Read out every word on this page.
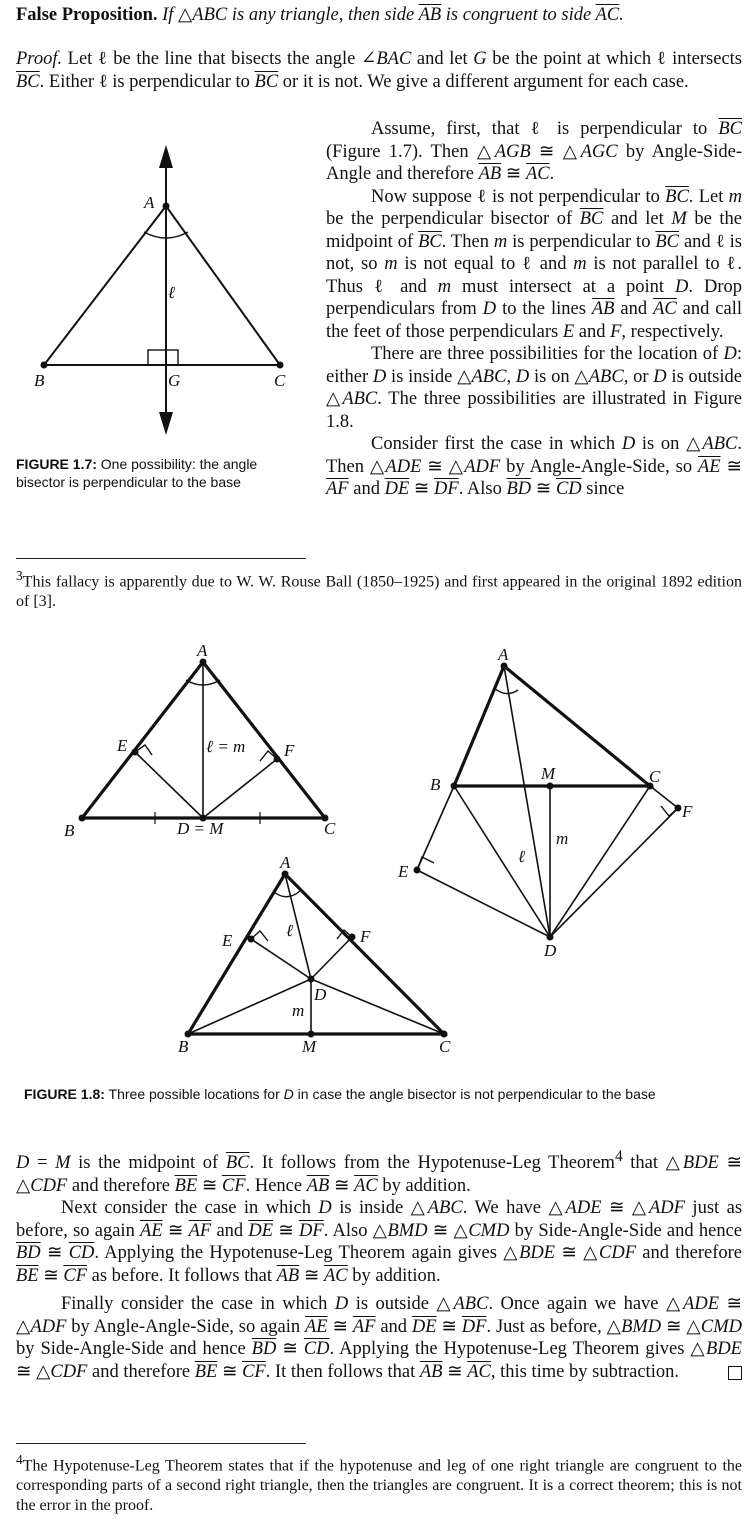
False Proposition. If △ABC is any triangle, then side $\overline{AB}$ is congruent to side $\overline{AC}$.
Proof. Let ℓ be the line that bisects the angle ∠BAC and let G be the point at which ℓ intersects $\overline{BC}$. Either ℓ is perpendicular to $\overline{BC}$ or it is not. We give a different argument for each case.
A
B	C
G
ℓ
FIGURE 1.7: One possibility: the angle bisector is perpendicular to the base
Assume, first, that ℓ is perpendicular to $\overline{BC}$ (Figure 1.7). Then △AGB ≅ △AGC by Angle-Side-Angle and therefore $\overline{AB}$ ≅ $\overline{AC}$.
Now suppose ℓ is not perpendicular to $\overline{BC}$. Let m be the perpendicular bisector of $\overline{BC}$ and let M be the midpoint of $\overline{BC}$. Then m is perpendicular to $\overline{BC}$ and ℓ is not, so m is not equal to ℓ and m is not parallel to ℓ. Thus ℓ and m must intersect at a point D. Drop perpendiculars from D to the lines $\overline{AB}$ and $\overline{AC}$ and call the feet of those perpendiculars E and F, respectively.
There are three possibilities for the location of D: either D is inside △ABC, D is on △ABC, or D is outside △ABC. The three possibilities are illustrated in Figure 1.8.
Consider first the case in which D is on △ABC. Then △ADE ≅ △ADF by Angle-Angle-Side, so $\overline{AE}$ ≅ $\overline{AF}$ and $\overline{DE}$ ≅ $\overline{DF}$. Also $\overline{BD}$ ≅ $\overline{CD}$ since
$^3$This fallacy is apparently due to W. W. Rouse Ball (1850–1925) and first appeared in the original 1892 edition of [3].
A
B	C
E	F
D = M
ℓ = m
A
B	C
M
D
E
F
ℓ
m
A
B	C
D
M
E	F
ℓ
m
FIGURE 1.8: Three possible locations for D in case the angle bisector is not perpendicular to the base
D = M is the midpoint of $\overline{BC}$. It follows from the Hypotenuse-Leg Theorem$^4$ that △BDE ≅ △CDF and therefore $\overline{BE}$ ≅ $\overline{CF}$. Hence $\overline{AB}$ ≅ $\overline{AC}$ by addition.
Next consider the case in which D is inside △ABC. We have △ADE ≅ △ADF just as before, so again $\overline{AE}$ ≅ $\overline{AF}$ and $\overline{DE}$ ≅ $\overline{DF}$. Also △BMD ≅ △CMD by Side-Angle-Side and hence $\overline{BD}$ ≅ $\overline{CD}$. Applying the Hypotenuse-Leg Theorem again gives △BDE ≅ △CDF and therefore $\overline{BE}$ ≅ $\overline{CF}$ as before. It follows that $\overline{AB}$ ≅ $\overline{AC}$ by addition.
Finally consider the case in which D is outside △ABC. Once again we have △ADE ≅ △ADF by Angle-Angle-Side, so again $\overline{AE}$ ≅ $\overline{AF}$ and $\overline{DE}$ ≅ $\overline{DF}$. Just as before, △BMD ≅ △CMD by Side-Angle-Side and hence $\overline{BD}$ ≅ $\overline{CD}$. Applying the Hypotenuse-Leg Theorem gives △BDE ≅ △CDF and therefore $\overline{BE}$ ≅ $\overline{CF}$. It then follows that $\overline{AB}$ ≅ $\overline{AC}$, this time by subtraction.
$^4$The Hypotenuse-Leg Theorem states that if the hypotenuse and leg of one right triangle are congruent to the corresponding parts of a second right triangle, then the triangles are congruent. It is a correct theorem; this is not the error in the proof.
